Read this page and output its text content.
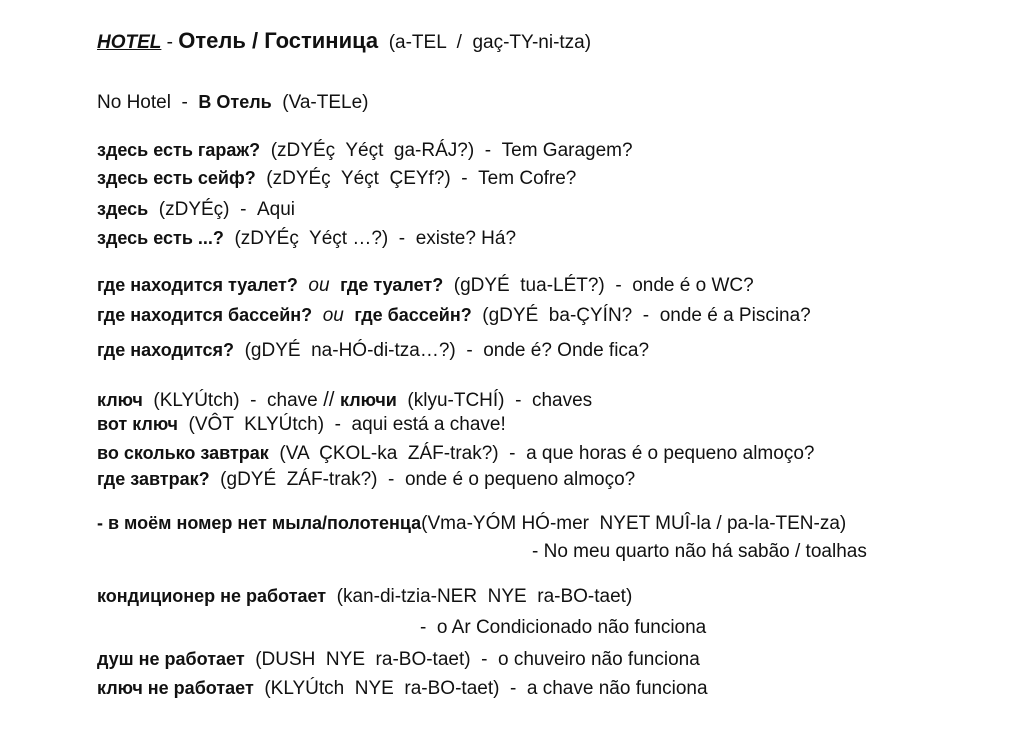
HOTEL - Отель / Гостиница  (a-TEL  /  gaç-TY-ni-tza)
No Hotel  -  В Отель  (Va-TELe)
здесь есть гараж?  (zDYÉç  Yéçt  ga-RÁJ?)  -  Tem Garagem?
здесь есть сейф?  (zDYÉç  Yéçt  ÇEYf?)  -  Tem Cofre?
здесь  (zDYÉç)  -  Aqui
здесь есть ...?  (zDYÉç  Yéçt …?)  -  existe? Há?
где находится туалет?  ou  где туалет?  (gDYÉ  tua-LÉT?)  -  onde é o WC?
где находится бассейн?  ou  где бассейн?  (gDYÉ  ba-ÇYÍN?  -  onde é a Piscina?
где находится?  (gDYÉ  na-HÓ-di-tza…?)  -  onde é? Onde fica?
ключ  (KLYÚtch)  -  chave // ключи  (klyu-TCHÍ)  -  chaves
вот ключ  (VÔT  KLYÚtch)  -  aqui está a chave!
во сколько завтрак  (VA  ÇKOL-ka  ZÁF-trak?)  -  a que horas é o pequeno almoço?
где завтрак?  (gDYÉ  ZÁF-trak?)  -  onde é o pequeno almoço?
- в моём номер нет мыла/полотенца(Vma-YÓM HÓ-mer  NYET MUÎ-la / pa-la-TEN-za)
- No meu quarto não há sabão / toalhas
кондиционер не работает  (kan-di-tzia-NER  NYE  ra-BO-taet)
-  o Ar Condicionado não funciona
душ не работает  (DUSH  NYE  ra-BO-taet)  -  o chuveiro não funciona
ключ не работает  (KLYÚtch  NYE  ra-BO-taet)  -  a chave não funciona
